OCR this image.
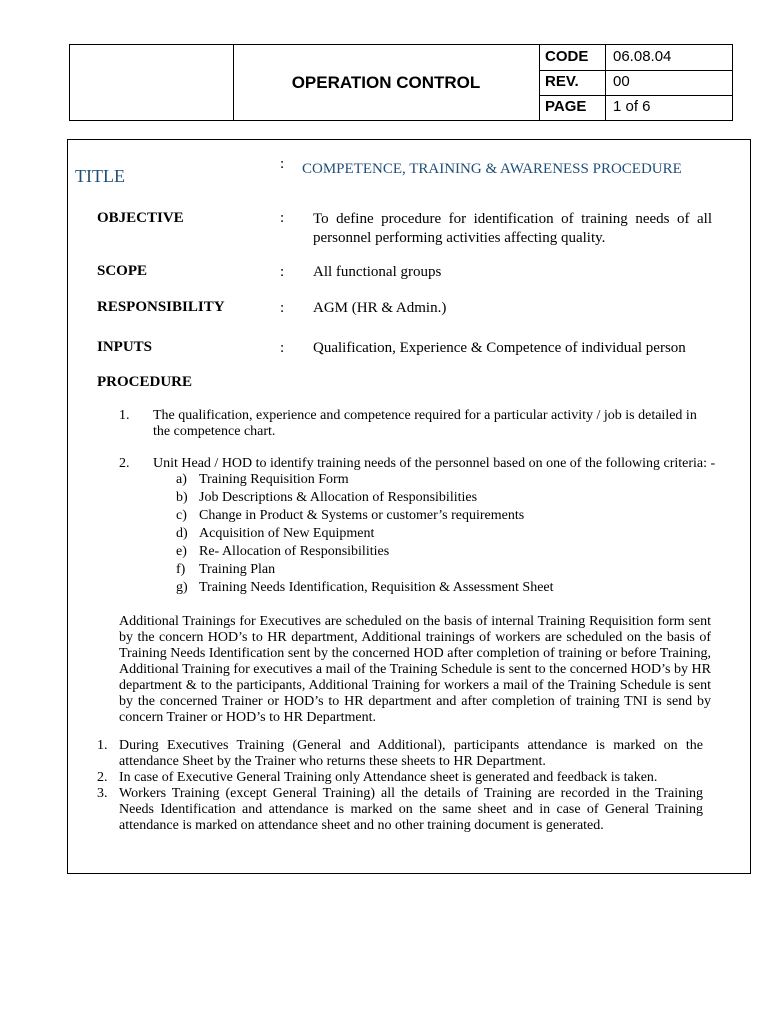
OPERATION CONTROL
CODE	06.08.04
REV.	00
PAGE	1 of 6
TITLE
: COMPETENCE, TRAINING & AWARENESS PROCEDURE
OBJECTIVE	: To define procedure for identification of training needs of all personnel performing activities affecting quality.
SCOPE	: All functional groups
RESPONSIBILITY	: AGM (HR & Admin.)
INPUTS	: Qualification, Experience & Competence of individual person
PROCEDURE
1. The qualification, experience and competence required for a particular activity / job is detailed in the competence chart.
2. Unit Head / HOD to identify training needs of the personnel based on one of the following criteria: -
a) Training Requisition Form
b) Job Descriptions & Allocation of Responsibilities
c) Change in Product & Systems or customer’s requirements
d) Acquisition of New Equipment
e) Re- Allocation of Responsibilities
f) Training Plan
g) Training Needs Identification, Requisition & Assessment Sheet
Additional Trainings for Executives are scheduled on the basis of internal Training Requisition form sent by the concern HOD’s to HR department, Additional trainings of workers are scheduled on the basis of Training Needs Identification sent by the concerned HOD after completion of training or before Training, Additional Training for executives a mail of the Training Schedule is sent to the concerned HOD’s by HR department & to the participants, Additional Training for workers a mail of the Training Schedule is sent by the concerned Trainer or HOD’s to HR department and after completion of training TNI is send by concern Trainer or HOD’s to HR Department.
1. During Executives Training (General and Additional), participants attendance is marked on the attendance Sheet by the Trainer who returns these sheets to HR Department.
2. In case of Executive General Training only Attendance sheet is generated and feedback is taken.
3. Workers Training (except General Training) all the details of Training are recorded in the Training Needs Identification and attendance is marked on the same sheet and in case of General Training attendance is marked on attendance sheet and no other training document is generated.
